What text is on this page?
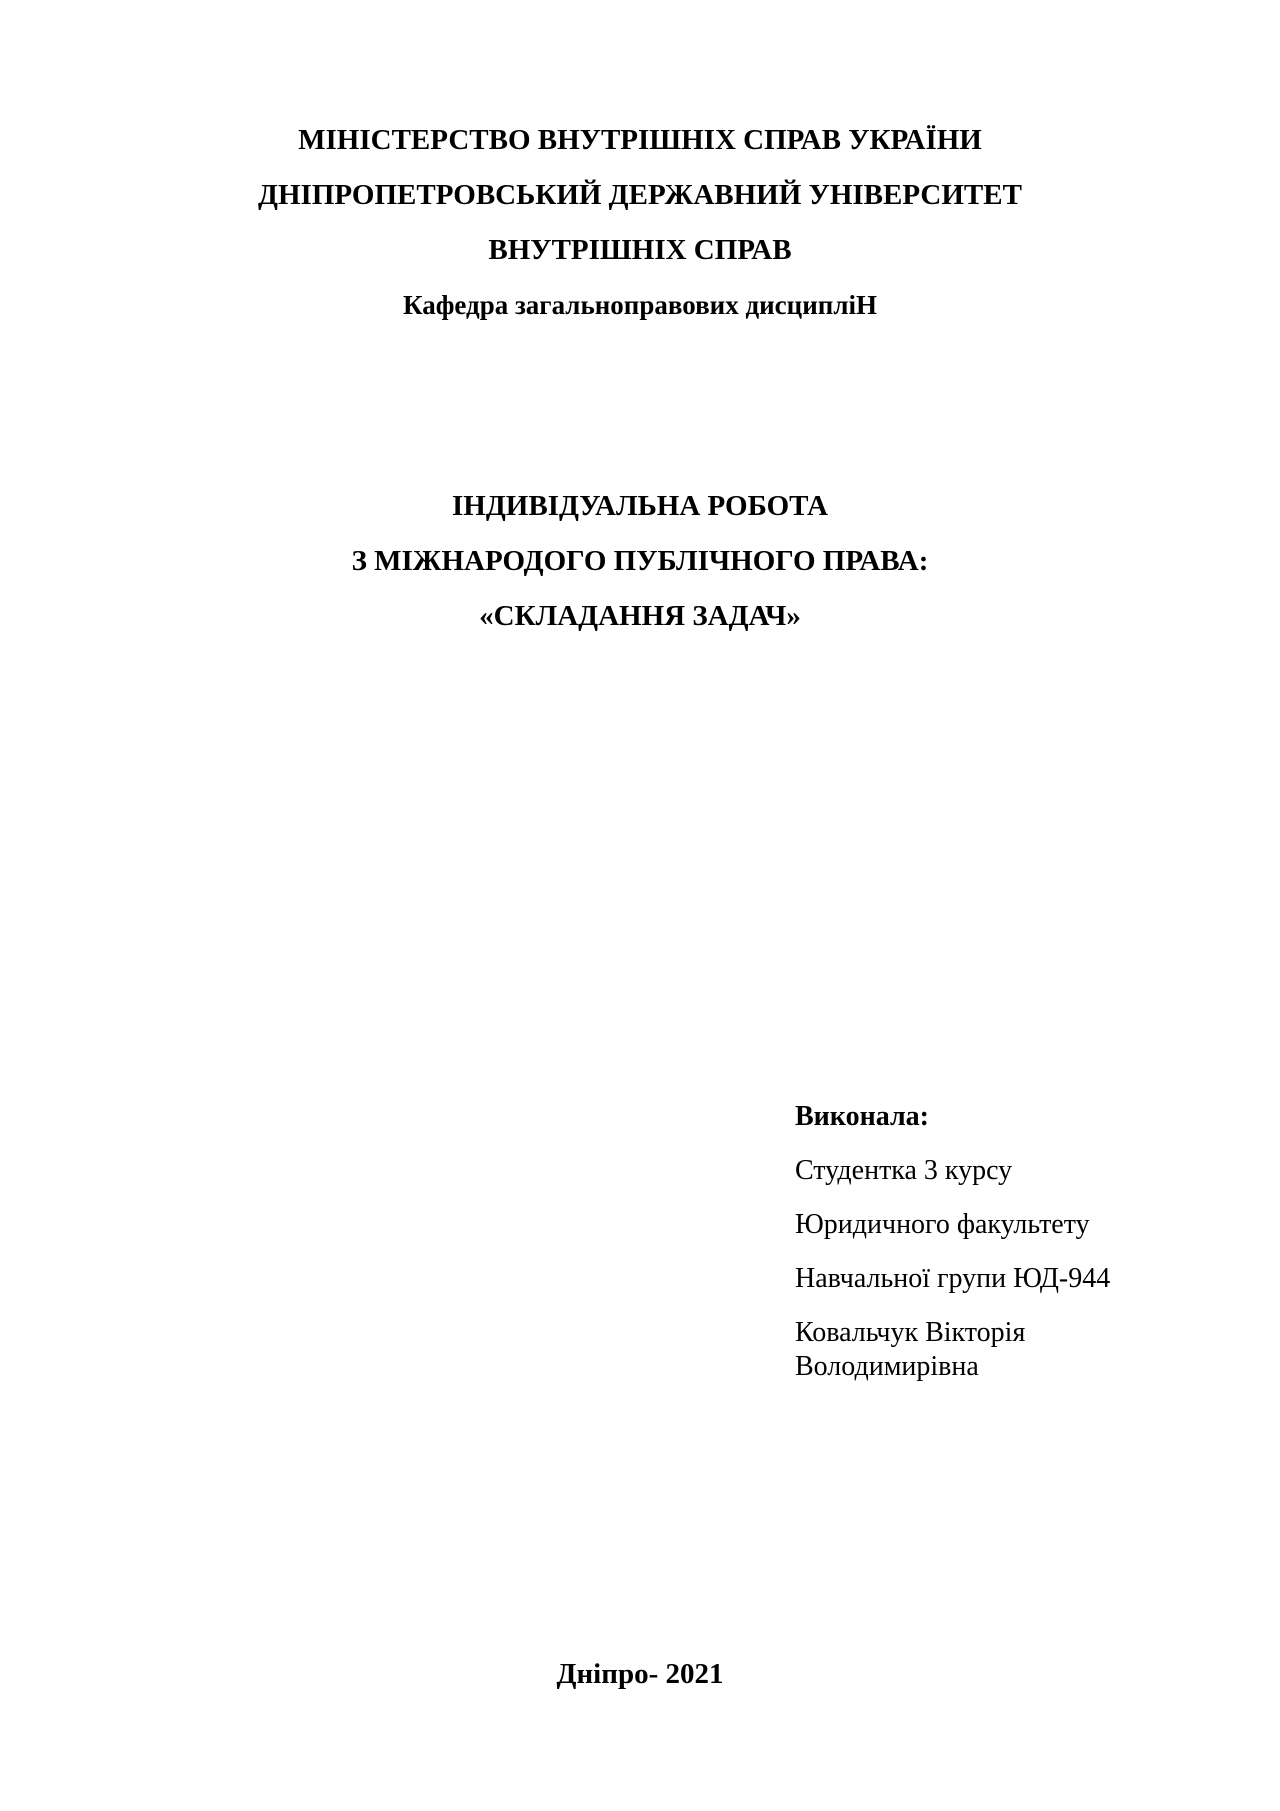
МІНІСТЕРСТВО ВНУТРІШНІХ СПРАВ УКРАЇНИ
ДНІПРОПЕТРОВСЬКИЙ ДЕРЖАВНИЙ УНІВЕРСИТЕТ
ВНУТРІШНІХ СПРАВ
Кафедра загальноправових дисциплiН
ІНДИВІДУАЛЬНА РОБОТА
З МІЖНАРОДОГО ПУБЛІЧНОГО ПРАВА:
«СКЛАДАННЯ ЗАДАЧ»
Виконала:
Студентка 3 курсу
Юридичного факультету
Навчальної групи ЮД-944
Ковальчук Вікторія Володимирівна
Дніпро- 2021
